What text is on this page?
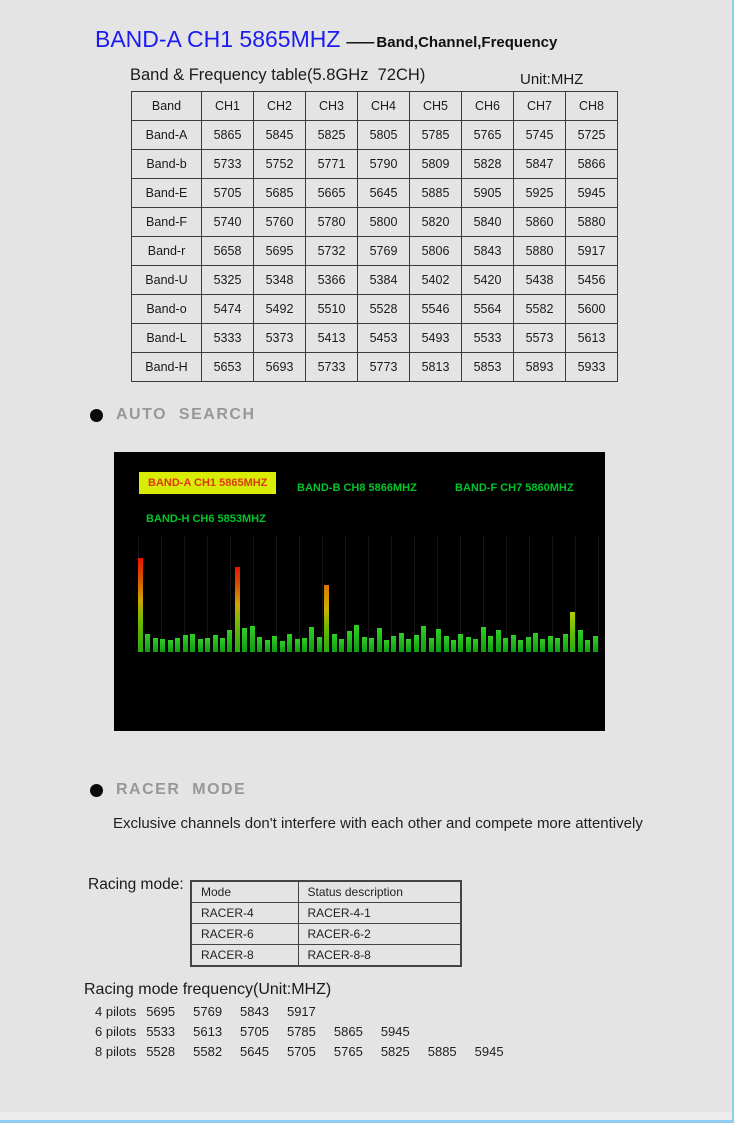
BAND-A CH1 5865MHZ —— Band,Channel,Frequency
Band & Frequency table(5.8GHz  72CH)	Unit:MHZ
Band	CH1	CH2	CH3	CH4	CH5	CH6	CH7	CH8
Band-A	5865	5845	5825	5805	5785	5765	5745	5725
Band-b	5733	5752	5771	5790	5809	5828	5847	5866
Band-E	5705	5685	5665	5645	5885	5905	5925	5945
Band-F	5740	5760	5780	5800	5820	5840	5860	5880
Band-r	5658	5695	5732	5769	5806	5843	5880	5917
Band-U	5325	5348	5366	5384	5402	5420	5438	5456
Band-o	5474	5492	5510	5528	5546	5564	5582	5600
Band-L	5333	5373	5413	5453	5493	5533	5573	5613
Band-H	5653	5693	5733	5773	5813	5853	5893	5933
AUTO  SEARCH
BAND-A CH1 5865MHZ	BAND-B CH8 5866MHZ	BAND-F CH7 5860MHZ
BAND-H CH6 5853MHZ
RACER  MODE
Exclusive channels don't interfere with each other and compete more attentively
Racing mode: Mode	Status description
RACER-4	RACER-4-1
RACER-6	RACER-6-2
RACER-8	RACER-8-8
Racing mode frequency(Unit:MHZ)
4 pilots 5695 5769 5843 5917
6 pilots 5533 5613 5705 5785 5865 5945
8 pilots 5528 5582 5645 5705 5765 5825 5885 5945
